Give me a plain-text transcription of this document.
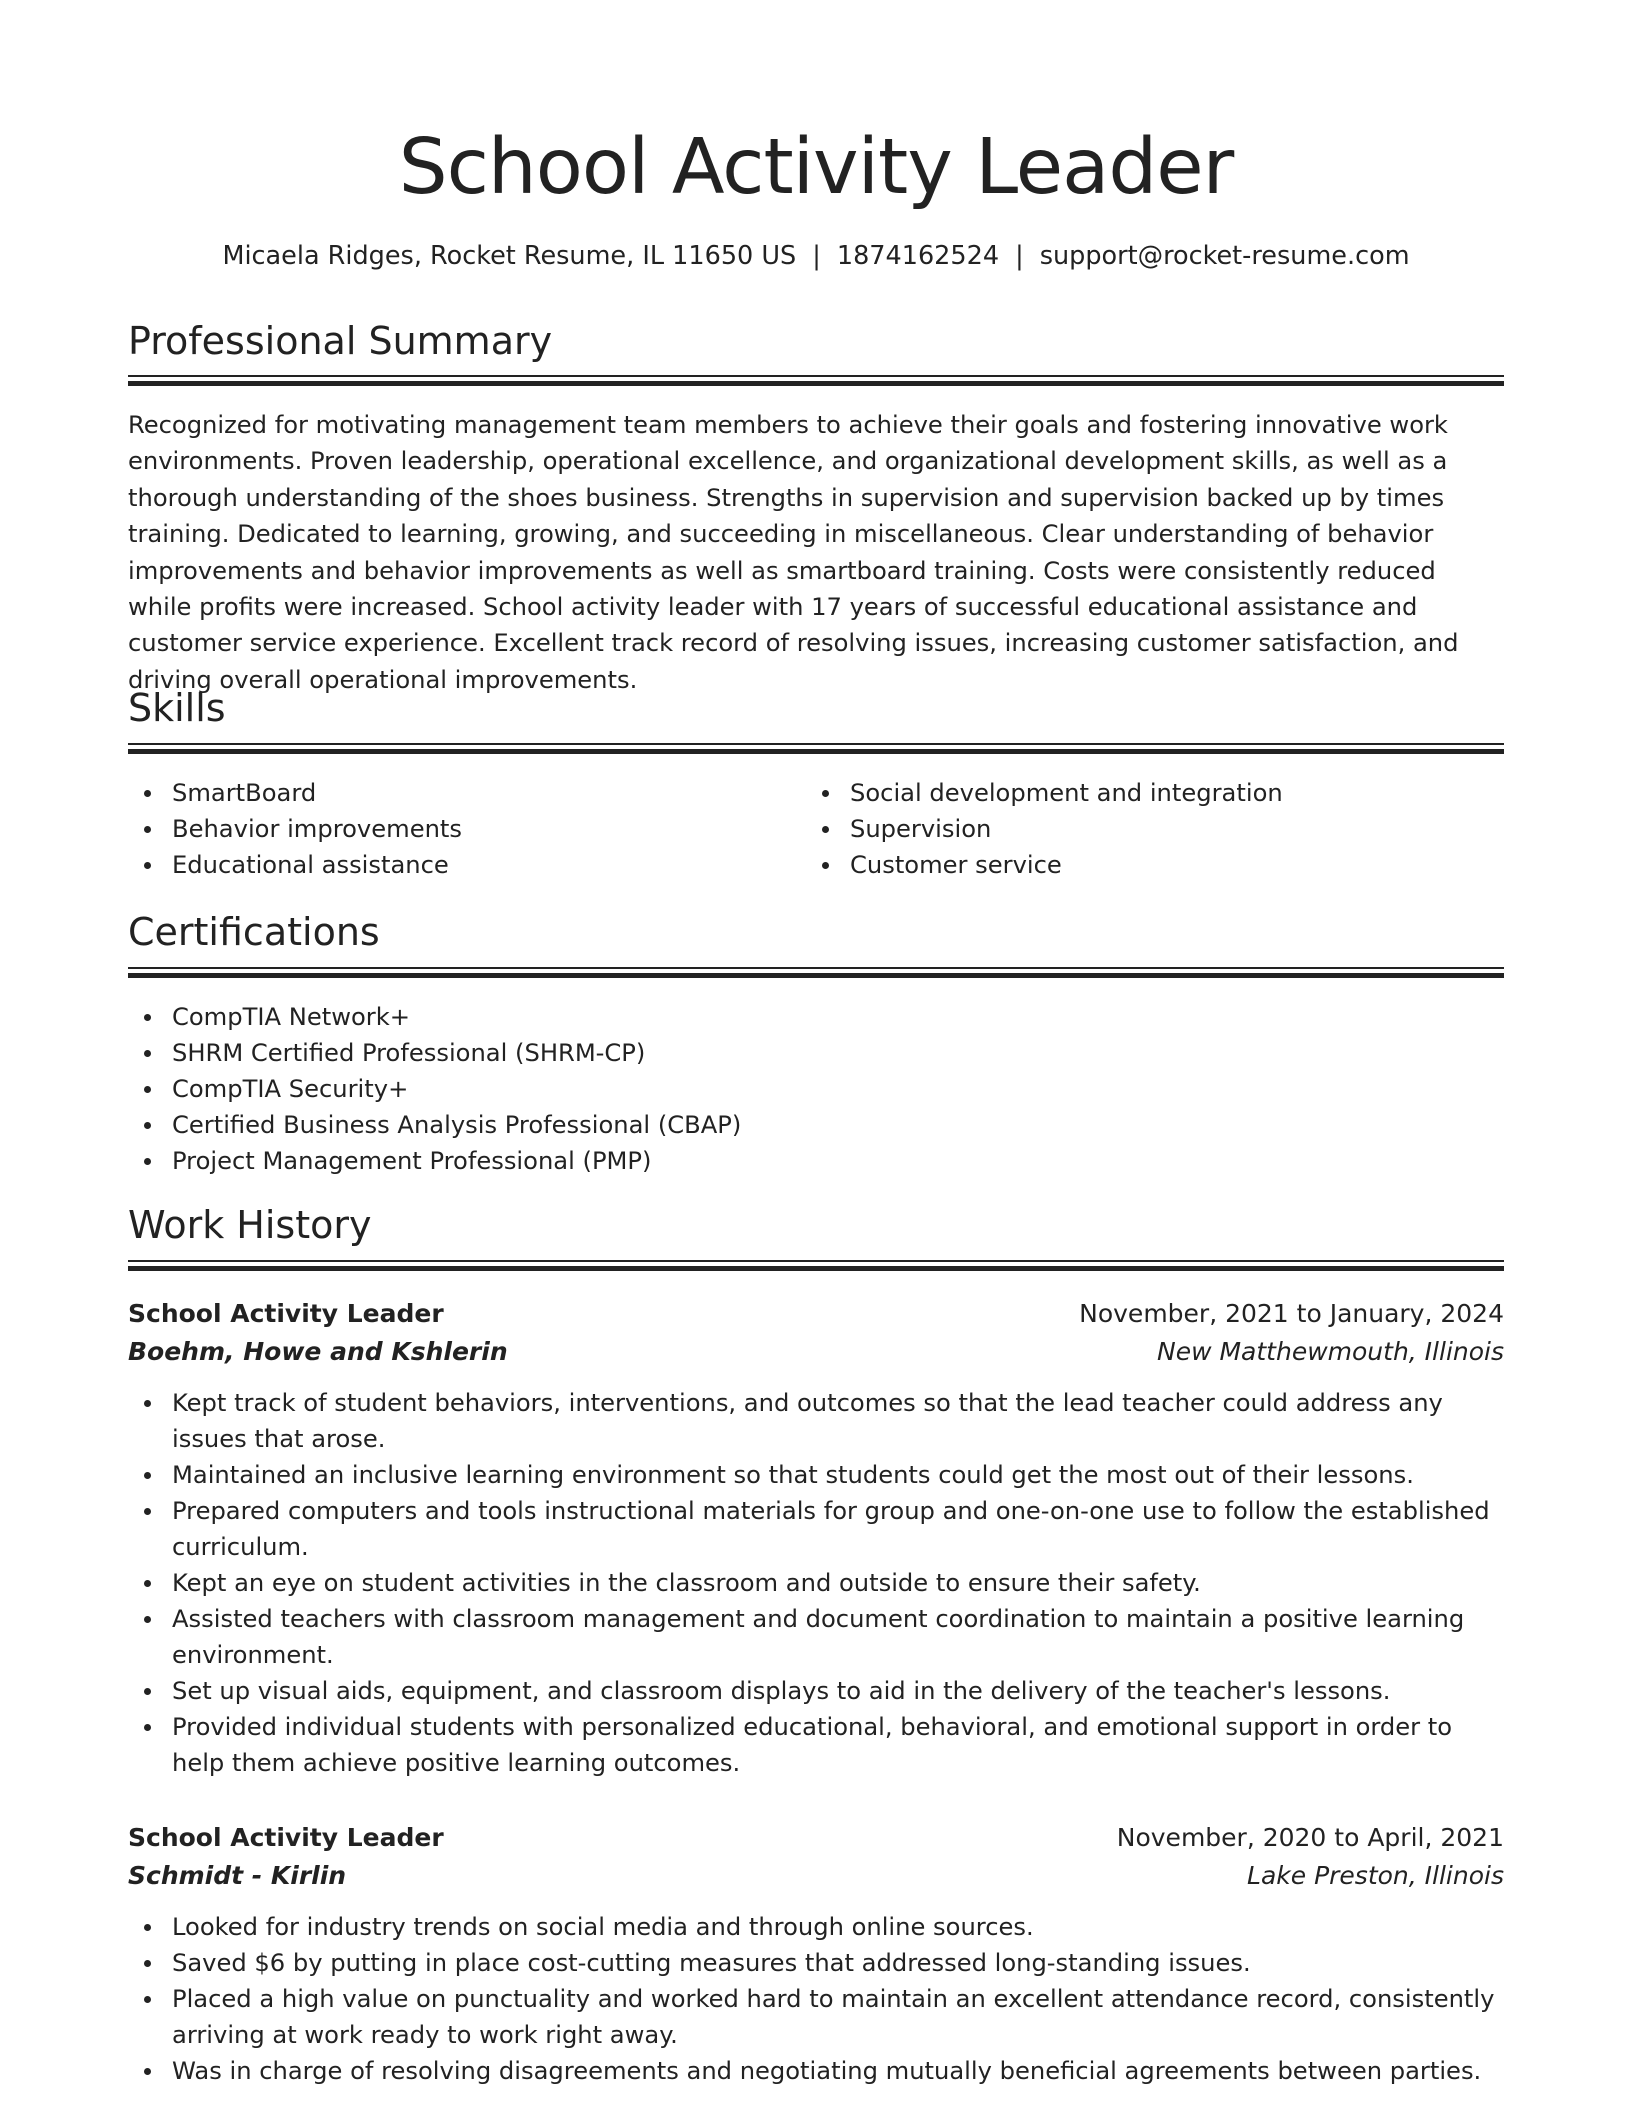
School Activity Leader
Micaela Ridges, Rocket Resume, IL 11650 US | 1874162524 | support@rocket-resume.com
Professional Summary

Recognized for motivating management team members to achieve their goals and fostering innovative work environments. Proven leadership, operational excellence, and organizational development skills, as well as a thorough understanding of the shoes business. Strengths in supervision and supervision backed up by times training. Dedicated to learning, growing, and succeeding in miscellaneous. Clear understanding of behavior improvements and behavior improvements as well as smartboard training. Costs were consistently reduced while profits were increased. School activity leader with 17 years of successful educational assistance and customer service experience. Excellent track record of resolving issues, increasing customer satisfaction, and driving overall operational improvements.

Skills
SmartBoard
Behavior improvements
Educational assistance
Social development and integration
Supervision
Customer service
Certifications
CompTIA Network+
SHRM Certified Professional (SHRM-CP)
CompTIA Security+
Certified Business Analysis Professional (CBAP)
Project Management Professional (PMP)
Work History
School Activity Leader	November, 2021 to January, 2024
Boehm, Howe and Kshlerin	New Matthewmouth, Illinois
Kept track of student behaviors, interventions, and outcomes so that the lead teacher could address any issues that arose.
Maintained an inclusive learning environment so that students could get the most out of their lessons.
Prepared computers and tools instructional materials for group and one-on-one use to follow the established curriculum.
Kept an eye on student activities in the classroom and outside to ensure their safety.
Assisted teachers with classroom management and document coordination to maintain a positive learning environment.
Set up visual aids, equipment, and classroom displays to aid in the delivery of the teacher's lessons.
Provided individual students with personalized educational, behavioral, and emotional support in order to help them achieve positive learning outcomes.
School Activity Leader	November, 2020 to April, 2021
Schmidt - Kirlin	Lake Preston, Illinois
Looked for industry trends on social media and through online sources.
Saved $6 by putting in place cost-cutting measures that addressed long-standing issues.
Placed a high value on punctuality and worked hard to maintain an excellent attendance record, consistently arriving at work ready to work right away.
Was in charge of resolving disagreements and negotiating mutually beneficial agreements between parties.
